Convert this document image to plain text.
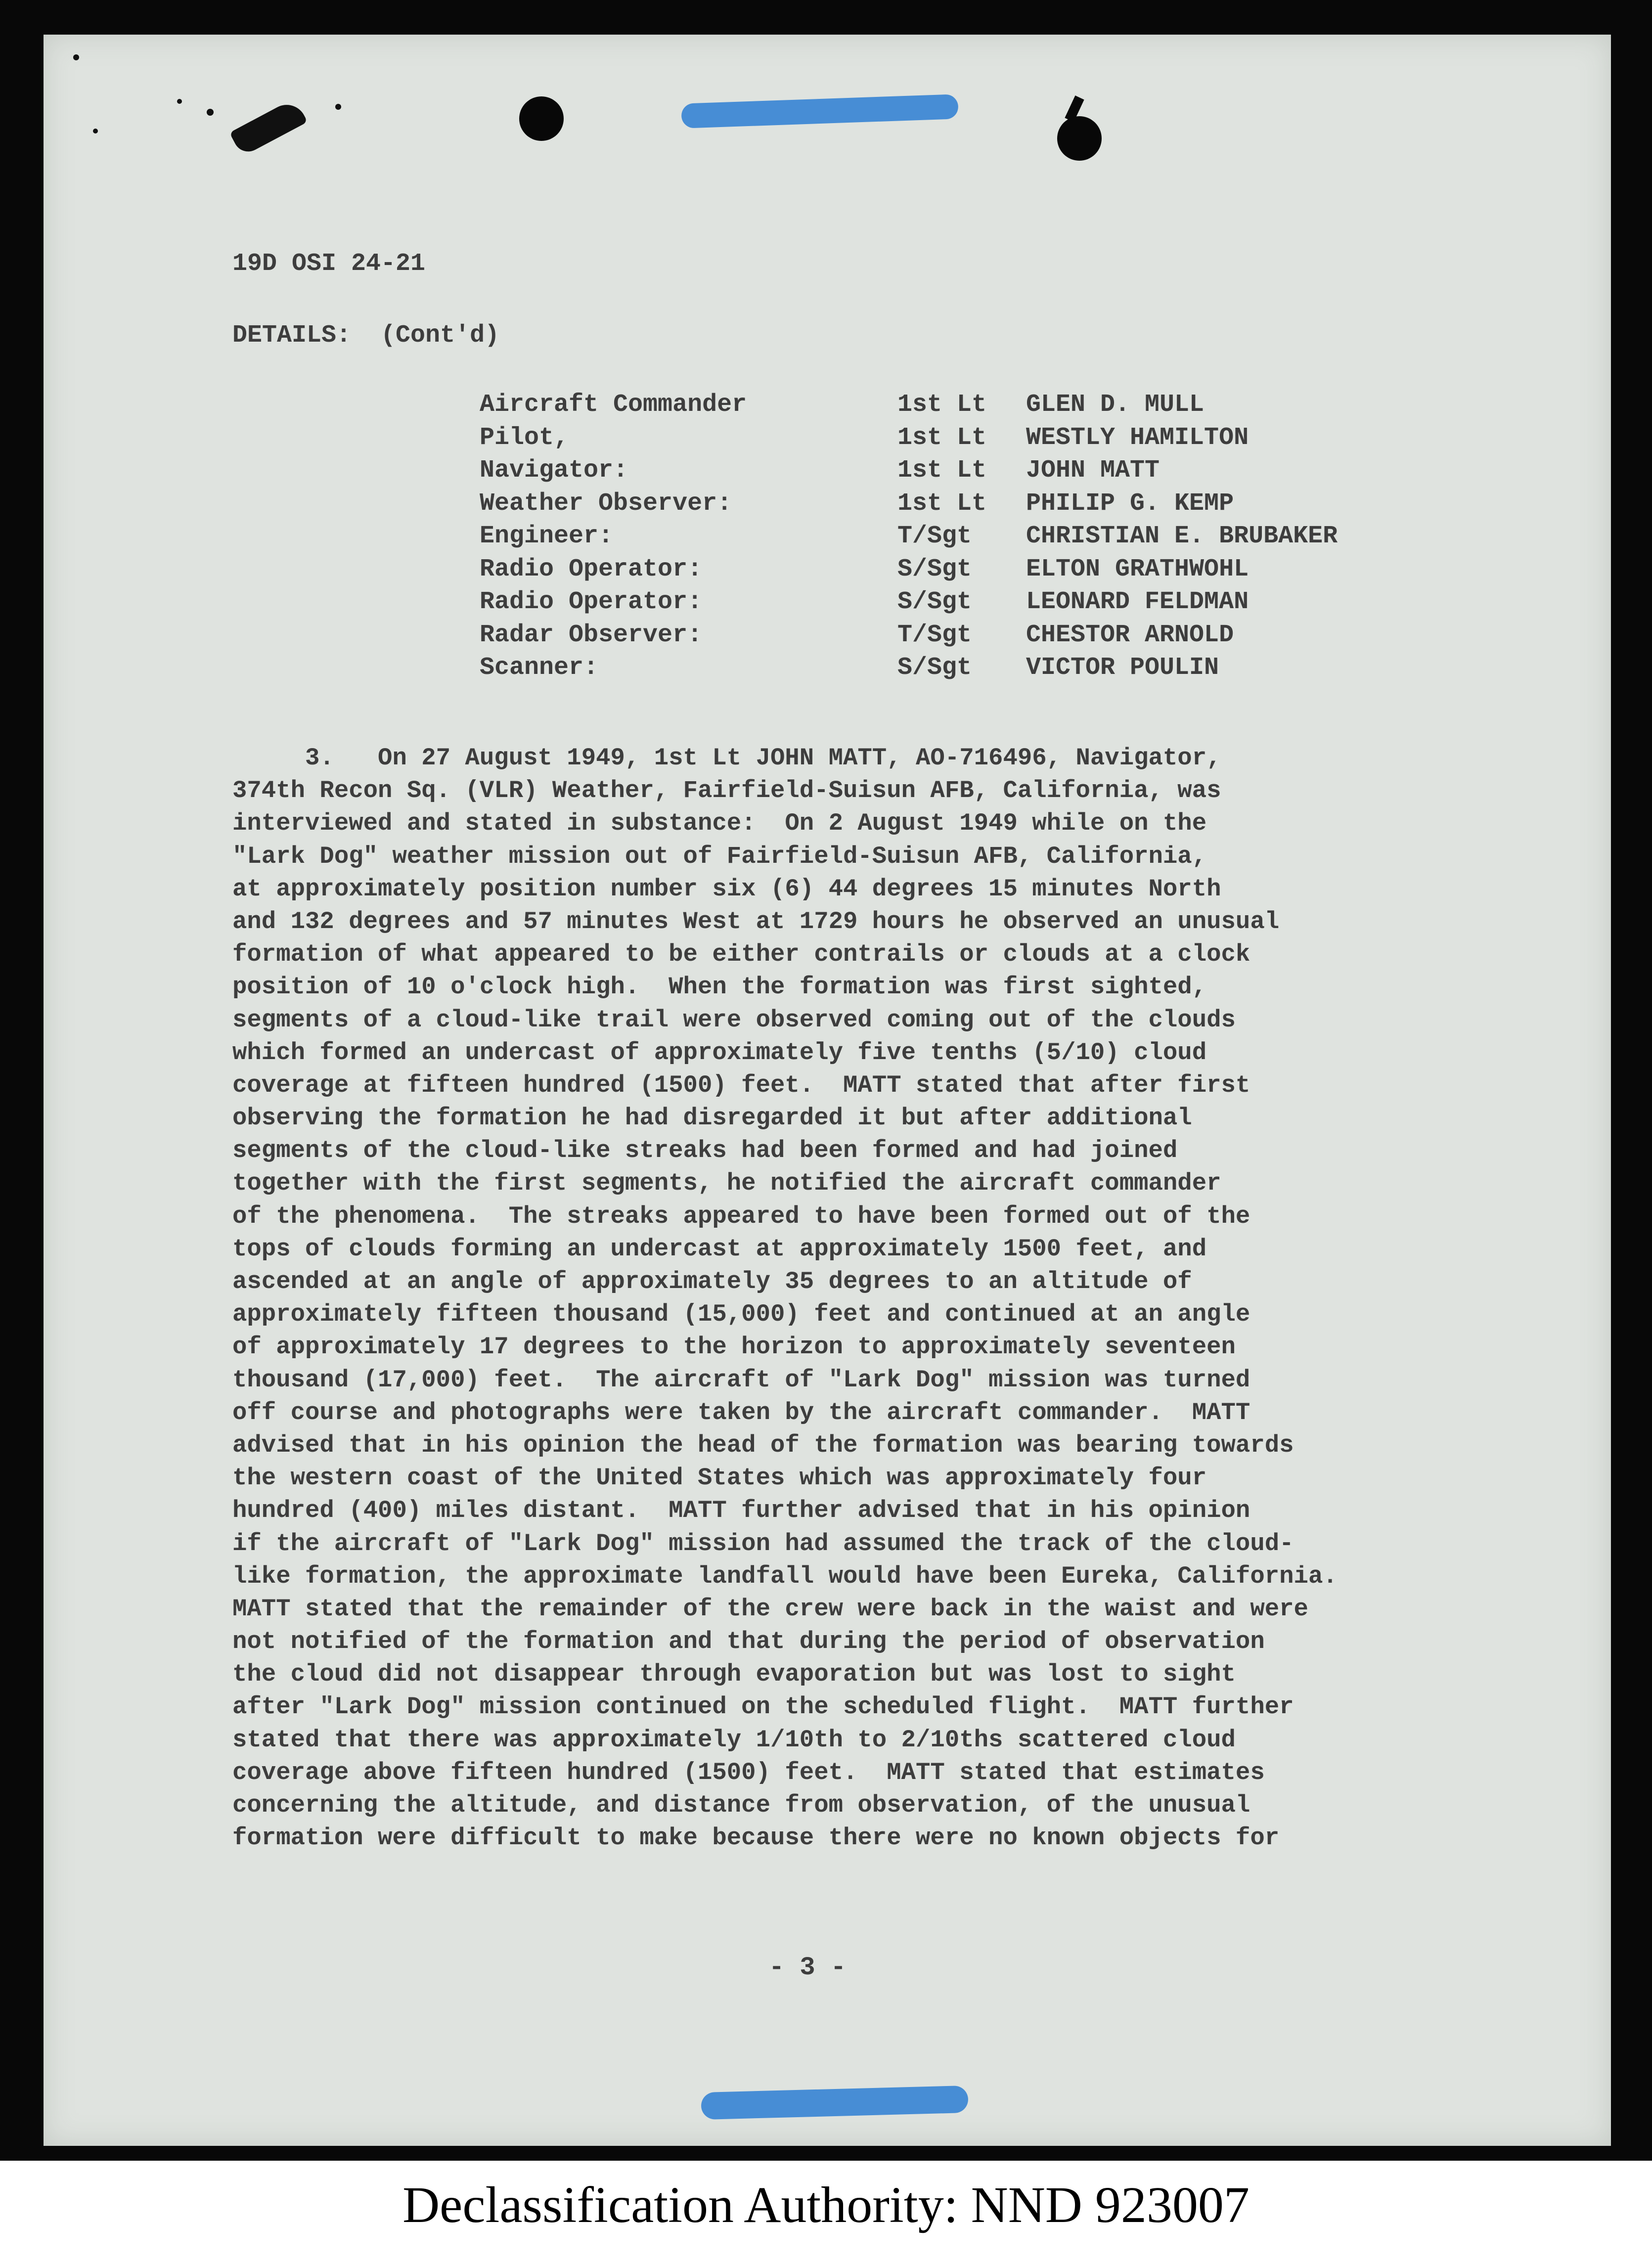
19D OSI 24-21
DETAILS:  (Cont'd)
Aircraft Commander	1st Lt GLEN D. MULL
Pilot,	1st Lt WESTLY HAMILTON
Navigator:	1st Lt JOHN MATT
Weather Observer:	1st Lt PHILIP G. KEMP
Engineer:	T/Sgt CHRISTIAN E. BRUBAKER
Radio Operator:	S/Sgt ELTON GRATHWOHL
Radio Operator:	S/Sgt LEONARD FELDMAN
Radar Observer:	T/Sgt CHESTOR ARNOLD
Scanner:	S/Sgt VICTOR POULIN
3.   On 27 August 1949, 1st Lt JOHN MATT, AO-716496, Navigator,
374th Recon Sq. (VLR) Weather, Fairfield-Suisun AFB, California, was
interviewed and stated in substance:  On 2 August 1949 while on the
"Lark Dog" weather mission out of Fairfield-Suisun AFB, California,
at approximately position number six (6) 44 degrees 15 minutes North
and 132 degrees and 57 minutes West at 1729 hours he observed an unusual
formation of what appeared to be either contrails or clouds at a clock
position of 10 o'clock high.  When the formation was first sighted,
segments of a cloud-like trail were observed coming out of the clouds
which formed an undercast of approximately five tenths (5/10) cloud
coverage at fifteen hundred (1500) feet.  MATT stated that after first
observing the formation he had disregarded it but after additional
segments of the cloud-like streaks had been formed and had joined
together with the first segments, he notified the aircraft commander
of the phenomena.  The streaks appeared to have been formed out of the
tops of clouds forming an undercast at approximately 1500 feet, and
ascended at an angle of approximately 35 degrees to an altitude of
approximately fifteen thousand (15,000) feet and continued at an angle
of approximately 17 degrees to the horizon to approximately seventeen
thousand (17,000) feet.  The aircraft of "Lark Dog" mission was turned
off course and photographs were taken by the aircraft commander.  MATT
advised that in his opinion the head of the formation was bearing towards
the western coast of the United States which was approximately four
hundred (400) miles distant.  MATT further advised that in his opinion
if the aircraft of "Lark Dog" mission had assumed the track of the cloud-
like formation, the approximate landfall would have been Eureka, California.
MATT stated that the remainder of the crew were back in the waist and were
not notified of the formation and that during the period of observation
the cloud did not disappear through evaporation but was lost to sight
after "Lark Dog" mission continued on the scheduled flight.  MATT further
stated that there was approximately 1/10th to 2/10ths scattered cloud
coverage above fifteen hundred (1500) feet.  MATT stated that estimates
concerning the altitude, and distance from observation, of the unusual
formation were difficult to make because there were no known objects for
- 3 -
Declassification Authority: NND 923007
